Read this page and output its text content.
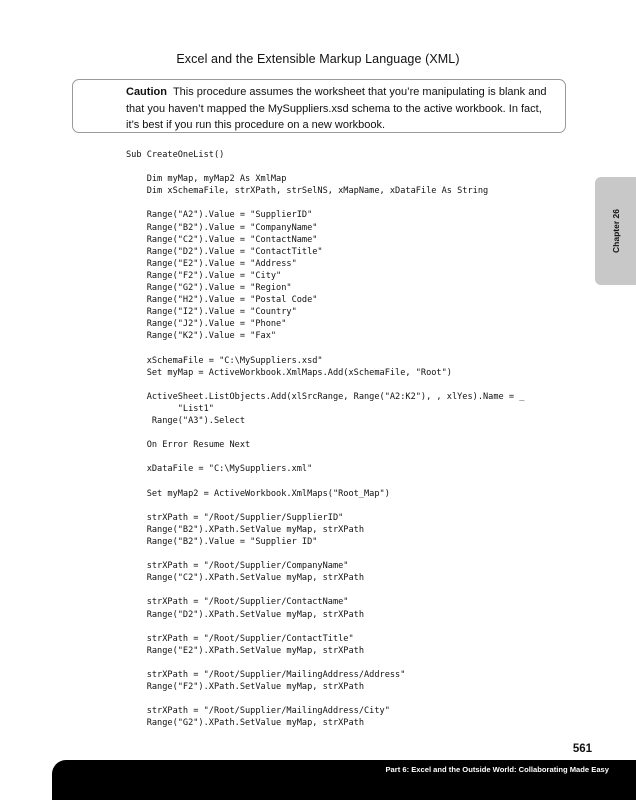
Excel and the Extensible Markup Language (XML)
Caution This procedure assumes the worksheet that you’re manipulating is blank and that you haven’t mapped the MySuppliers.xsd schema to the active workbook. In fact, it’s best if you run this procedure on a new workbook.
Chapter 26
Sub CreateOneList()

Dim myMap, myMap2 As XmlMap
Dim xSchemaFile, strXPath, strSelNS, xMapName, xDataFile As String

Range("A2").Value = "SupplierID"
Range("B2").Value = "CompanyName"
Range("C2").Value = "ContactName"
Range("D2").Value = "ContactTitle"
Range("E2").Value = "Address"
Range("F2").Value = "City"
Range("G2").Value = "Region"
Range("H2").Value = "Postal Code"
Range("I2").Value = "Country"
Range("J2").Value = "Phone"
Range("K2").Value = "Fax"

xSchemaFile = "C:\MySuppliers.xsd"
Set myMap = ActiveWorkbook.XmlMaps.Add(xSchemaFile, "Root")

ActiveSheet.ListObjects.Add(xlSrcRange, Range("A2:K2"), , xlYes).Name = _
"List1"
Range("A3").Select

On Error Resume Next

xDataFile = "C:\MySuppliers.xml"

Set myMap2 = ActiveWorkbook.XmlMaps("Root_Map")

strXPath = "/Root/Supplier/SupplierID"
Range("B2").XPath.SetValue myMap, strXPath
Range("B2").Value = "Supplier ID"

strXPath = "/Root/Supplier/CompanyName"
Range("C2").XPath.SetValue myMap, strXPath

strXPath = "/Root/Supplier/ContactName"
Range("D2").XPath.SetValue myMap, strXPath

strXPath = "/Root/Supplier/ContactTitle"
Range("E2").XPath.SetValue myMap, strXPath

strXPath = "/Root/Supplier/MailingAddress/Address"
Range("F2").XPath.SetValue myMap, strXPath

strXPath = "/Root/Supplier/MailingAddress/City"
Range("G2").XPath.SetValue myMap, strXPath
561
Part 6: Excel and the Outside World: Collaborating Made Easy
